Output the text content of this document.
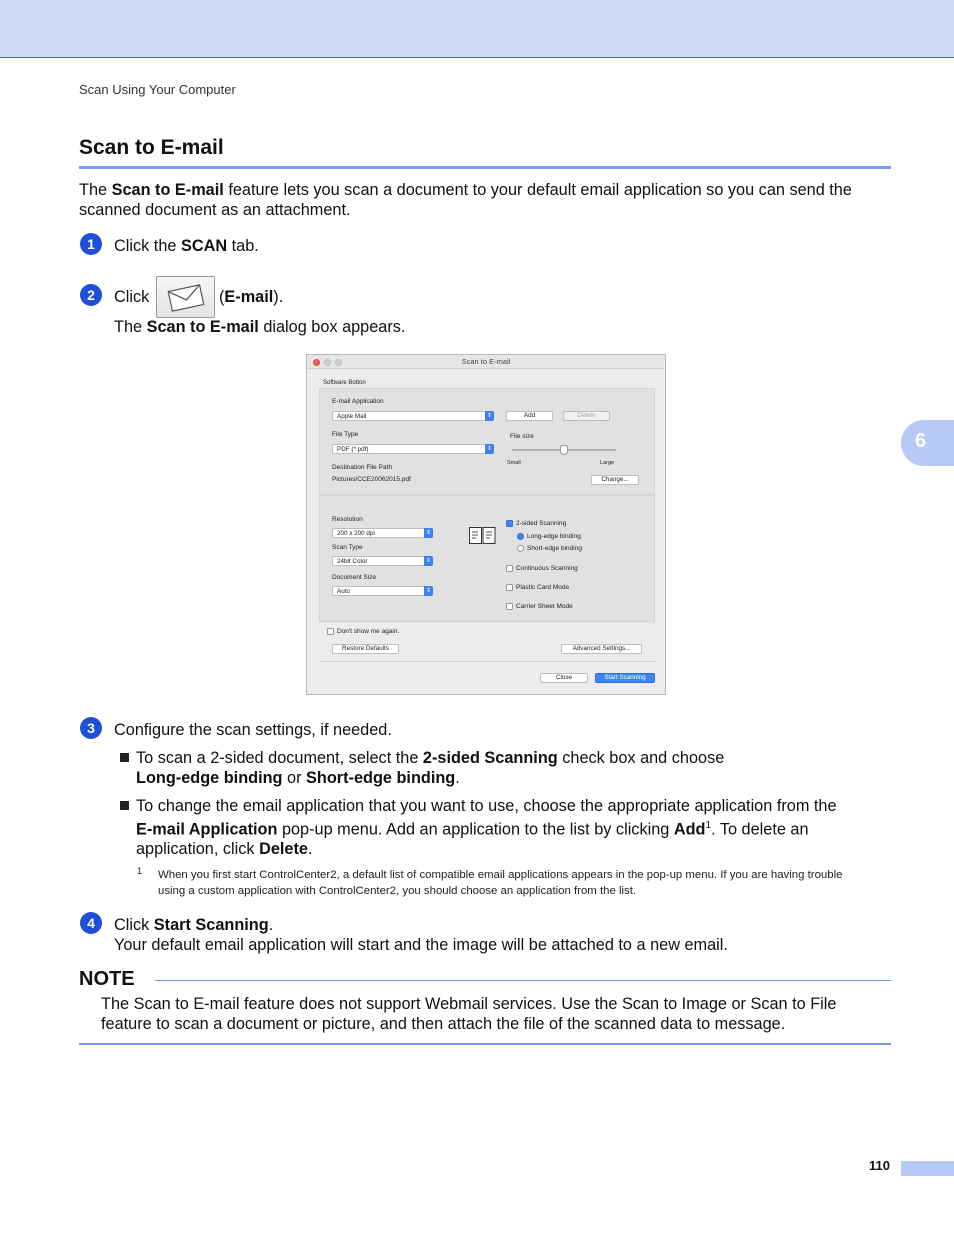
Scan Using Your Computer
6
Scan to E-mail
The Scan to E-mail feature lets you scan a document to your default email application so you can send the
scanned document as an attachment.
1	Click the SCAN tab.
2	Click	(E-mail).
The Scan to E-mail dialog box appears.
Scan to E-mail
Software Button
E-mail Application
Apple Mail	⇕	Add	Delete
File Type
PDF (*.pdf)	⇕
File size
Small	Large
Destination File Path
Pictures/CCE20062015.pdf	Change...
Resolution
200 x 200 dpi	⇕
Scan Type
24bit Color	⇕
Document Size
Auto	⇕
2-sided Scanning
Long-edge binding
Short-edge binding
Continuous Scanning
Plastic Card Mode
Carrier Sheet Mode
Don't show me again.
Restore Defaults	Advanced Settings...
Close	Start Scanning
3	Configure the scan settings, if needed.
To scan a 2-sided document, select the 2-sided Scanning check box and choose
Long-edge binding or Short-edge binding.
To change the email application that you want to use, choose the appropriate application from the
E-mail Application pop-up menu. Add an application to the list by clicking Add$^1$. To delete an
application, click Delete.
1 When you first start ControlCenter2, a default list of compatible email applications appears in the pop-up menu. If you are having trouble
using a custom application with ControlCenter2, you should choose an application from the list.
4	Click Start Scanning.
Your default email application will start and the image will be attached to a new email.
NOTE
The Scan to E-mail feature does not support Webmail services. Use the Scan to Image or Scan to File
feature to scan a document or picture, and then attach the file of the scanned data to message.
110
